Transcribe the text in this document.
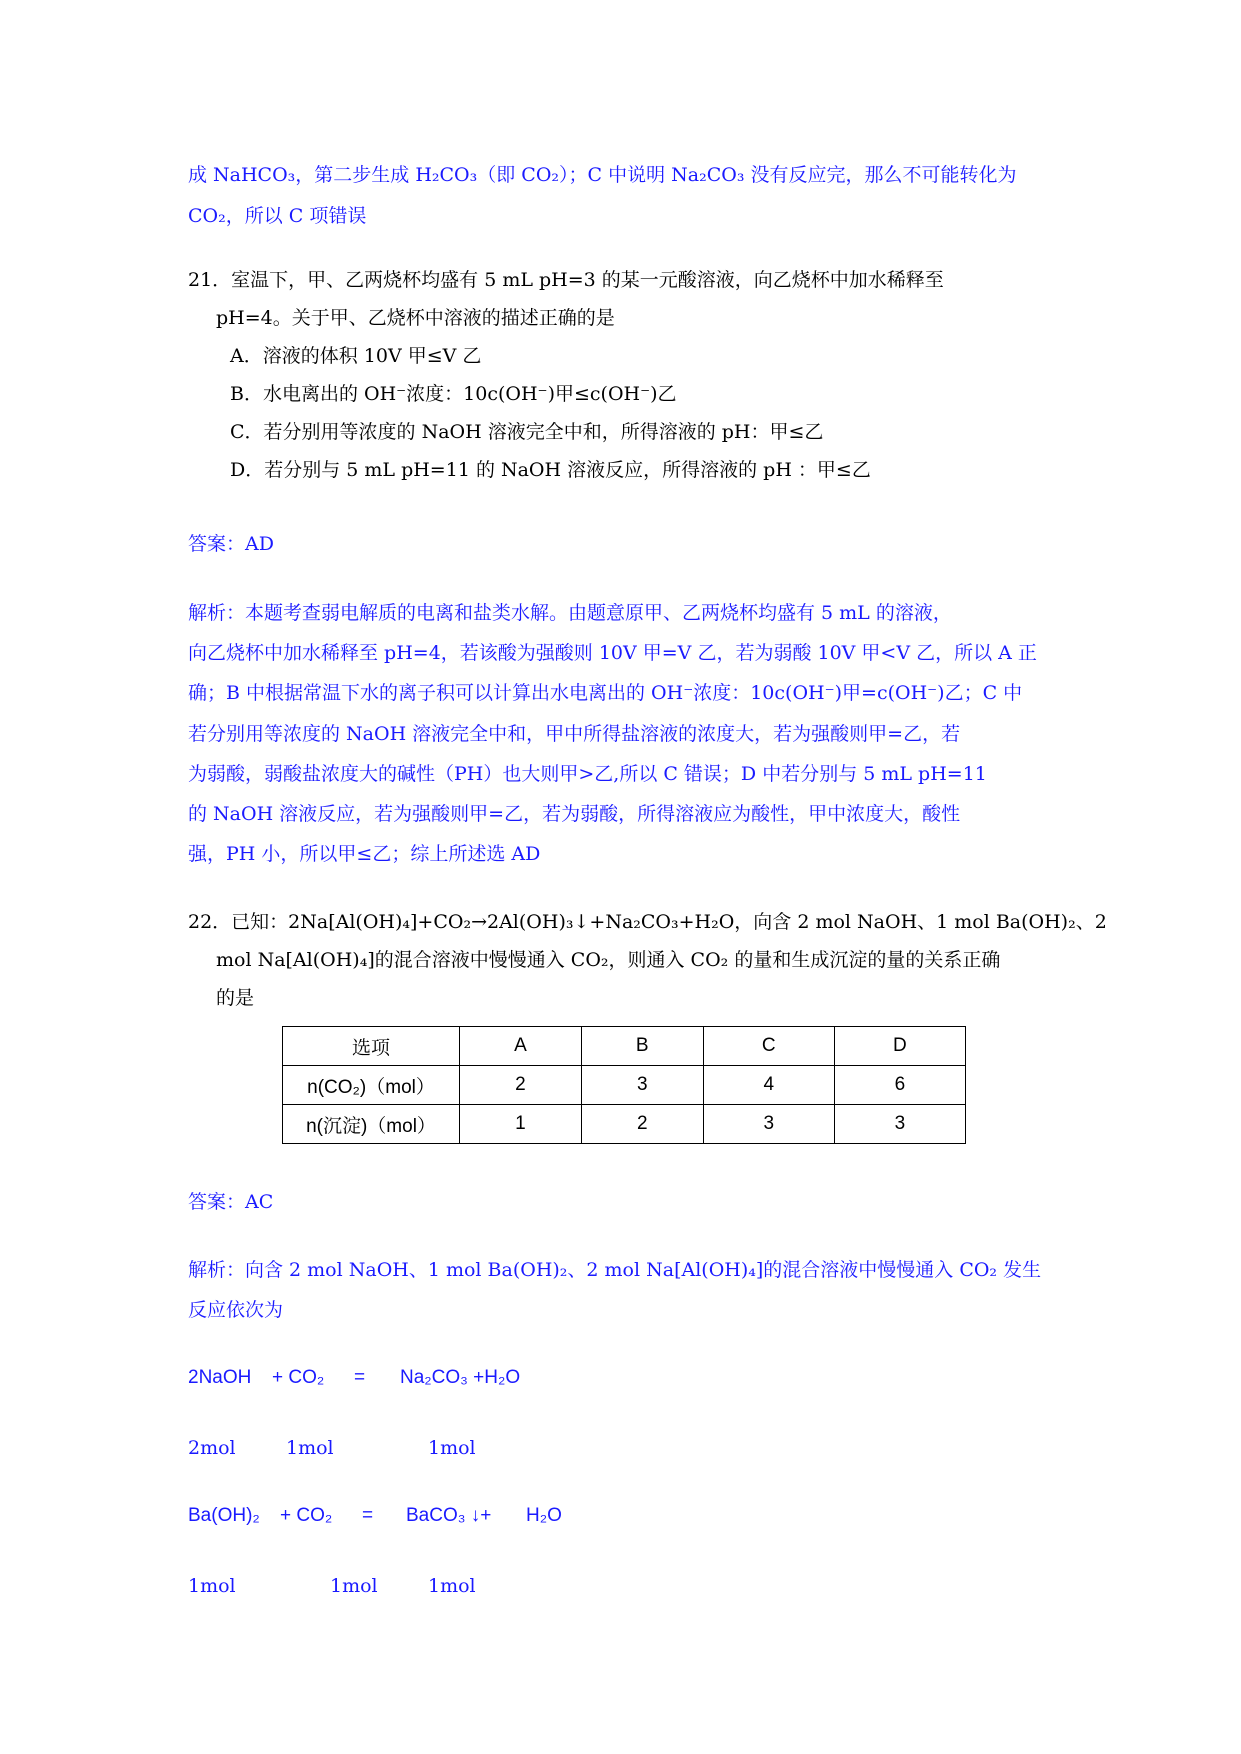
成 NaHCO₃，第二步生成 H₂CO₃（即 CO₂）；C 中说明 Na₂CO₃ 没有反应完，那么不可能转化为
CO₂，所以 C 项错误
21．室温下，甲、乙两烧杯均盛有 5 mL pH=3 的某一元酸溶液，向乙烧杯中加水稀释至
pH=4。关于甲、乙烧杯中溶液的描述正确的是
A．溶液的体积 10V 甲≤V 乙
B．水电离出的 OH⁻浓度：10c(OH⁻)甲≤c(OH⁻)乙
C．若分别用等浓度的 NaOH 溶液完全中和，所得溶液的 pH：甲≤乙
D．若分别与 5 mL pH=11 的 NaOH 溶液反应，所得溶液的 pH ：甲≤乙
答案：AD
解析：本题考查弱电解质的电离和盐类水解。由题意原甲、乙两烧杯均盛有 5 mL 的溶液，
向乙烧杯中加水稀释至 pH=4，若该酸为强酸则 10V 甲=V 乙，若为弱酸 10V 甲<V 乙，所以 A 正
确；B 中根据常温下水的离子积可以计算出水电离出的 OH⁻浓度：10c(OH⁻)甲=c(OH⁻)乙；C 中
若分别用等浓度的 NaOH 溶液完全中和，甲中所得盐溶液的浓度大，若为强酸则甲=乙，若
为弱酸，弱酸盐浓度大的碱性（PH）也大则甲>乙,所以 C 错误；D 中若分别与 5 mL pH=11
的 NaOH 溶液反应，若为强酸则甲=乙，若为弱酸，所得溶液应为酸性，甲中浓度大，酸性
强，PH 小，所以甲≤乙；综上所述选 AD
22．已知：2Na[Al(OH)₄]+CO₂→2Al(OH)₃↓+Na₂CO₃+H₂O，向含 2 mol NaOH、1 mol Ba(OH)₂、2
mol Na[Al(OH)₄]的混合溶液中慢慢通入 CO₂，则通入 CO₂ 的量和生成沉淀的量的关系正确
的是
选项	A	B	C	D
n(CO₂)（mol）	2	3	4	6
n(沉淀)（mol）	1	2	3	3
答案：AC
解析：向含 2 mol NaOH、1 mol Ba(OH)₂、2 mol Na[Al(OH)₄]的混合溶液中慢慢通入 CO₂ 发生
反应依次为
2NaOH + CO₂ = Na₂CO₃ +H₂O
2mol	1mol	1mol
Ba(OH)₂ + CO₂ = BaCO₃ ↓+ H₂O
1mol	1mol	1mol
